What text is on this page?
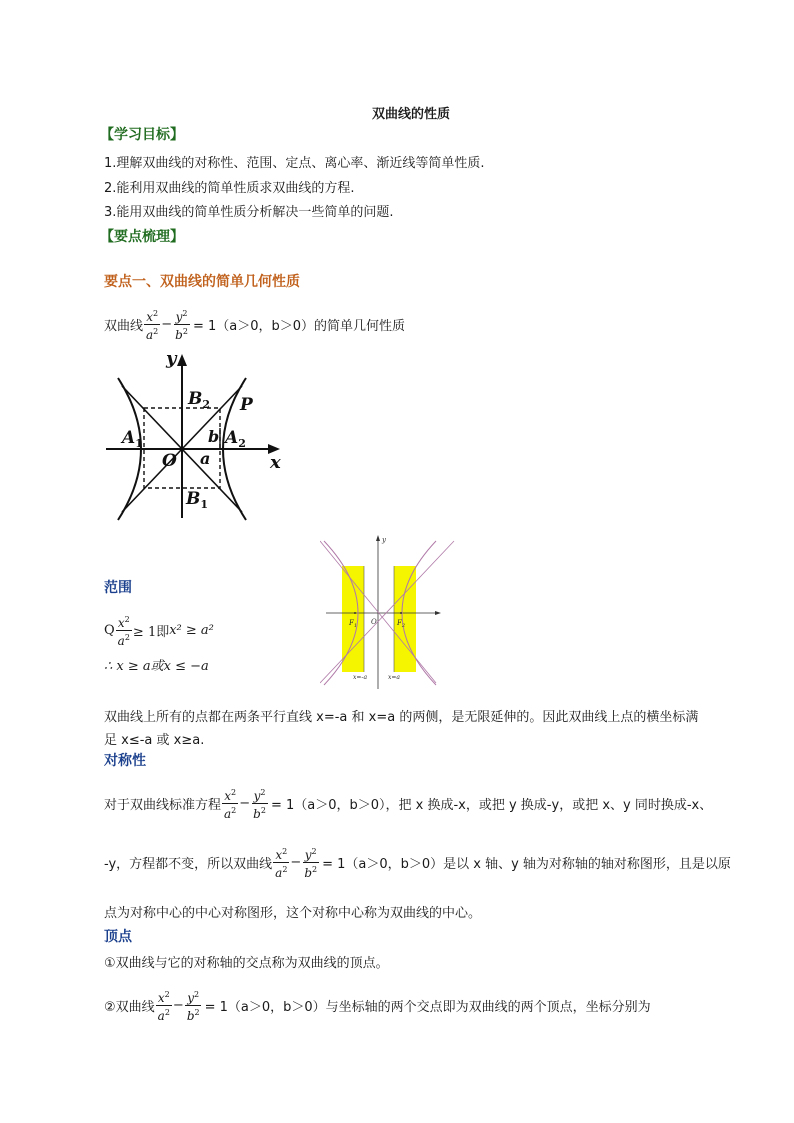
双曲线的性质
【学习目标】
1.理解双曲线的对称性、范围、定点、离心率、渐近线等简单性质.
2.能利用双曲线的简单性质求双曲线的方程.
3.能用双曲线的简单性质分析解决一些简单的问题.
【要点梳理】
要点一、双曲线的简单几何性质
双曲线 $\frac{x^2}{a^2} - \frac{y^2}{b^2} = 1(a>0$，b＞0）的简单几何性质
y
x
O
$B_2$
$B_1$
$A_1$	$A_2$
P
a
b
y
O
$F_1$	$F_2$
x=-a	x=a
范围
Q $\frac{x^2}{a^2} \ge 1$即 x² ≥ a²
∴ x ≥ a或x ≤ −a
双曲线上所有的点都在两条平行直线 x=-a 和 x=a 的两侧，是无限延伸的。因此双曲线上点的横坐标满
足 x≤-a 或 x≥a.
对称性
对于双曲线标准方程 $\frac{x^2}{a^2} - \frac{y^2}{b^2} = 1(a>0$，b＞0），把 x 换成-x，或把 y 换成-y，或把 x、y 同时换成-x、
-y，方程都不变，所以双曲线 $\frac{x^2}{a^2} - \frac{y^2}{b^2} = 1(a>0$，b＞0）是以 x 轴、y 轴为对称轴的轴对称图形，且是以原
点为对称中心的中心对称图形，这个对称中心称为双曲线的中心。
顶点
①双曲线与它的对称轴的交点称为双曲线的顶点。
②双曲线 $\frac{x^2}{a^2} - \frac{y^2}{b^2} = 1(a>0$，b＞0）与坐标轴的两个交点即为双曲线的两个顶点，坐标分别为
